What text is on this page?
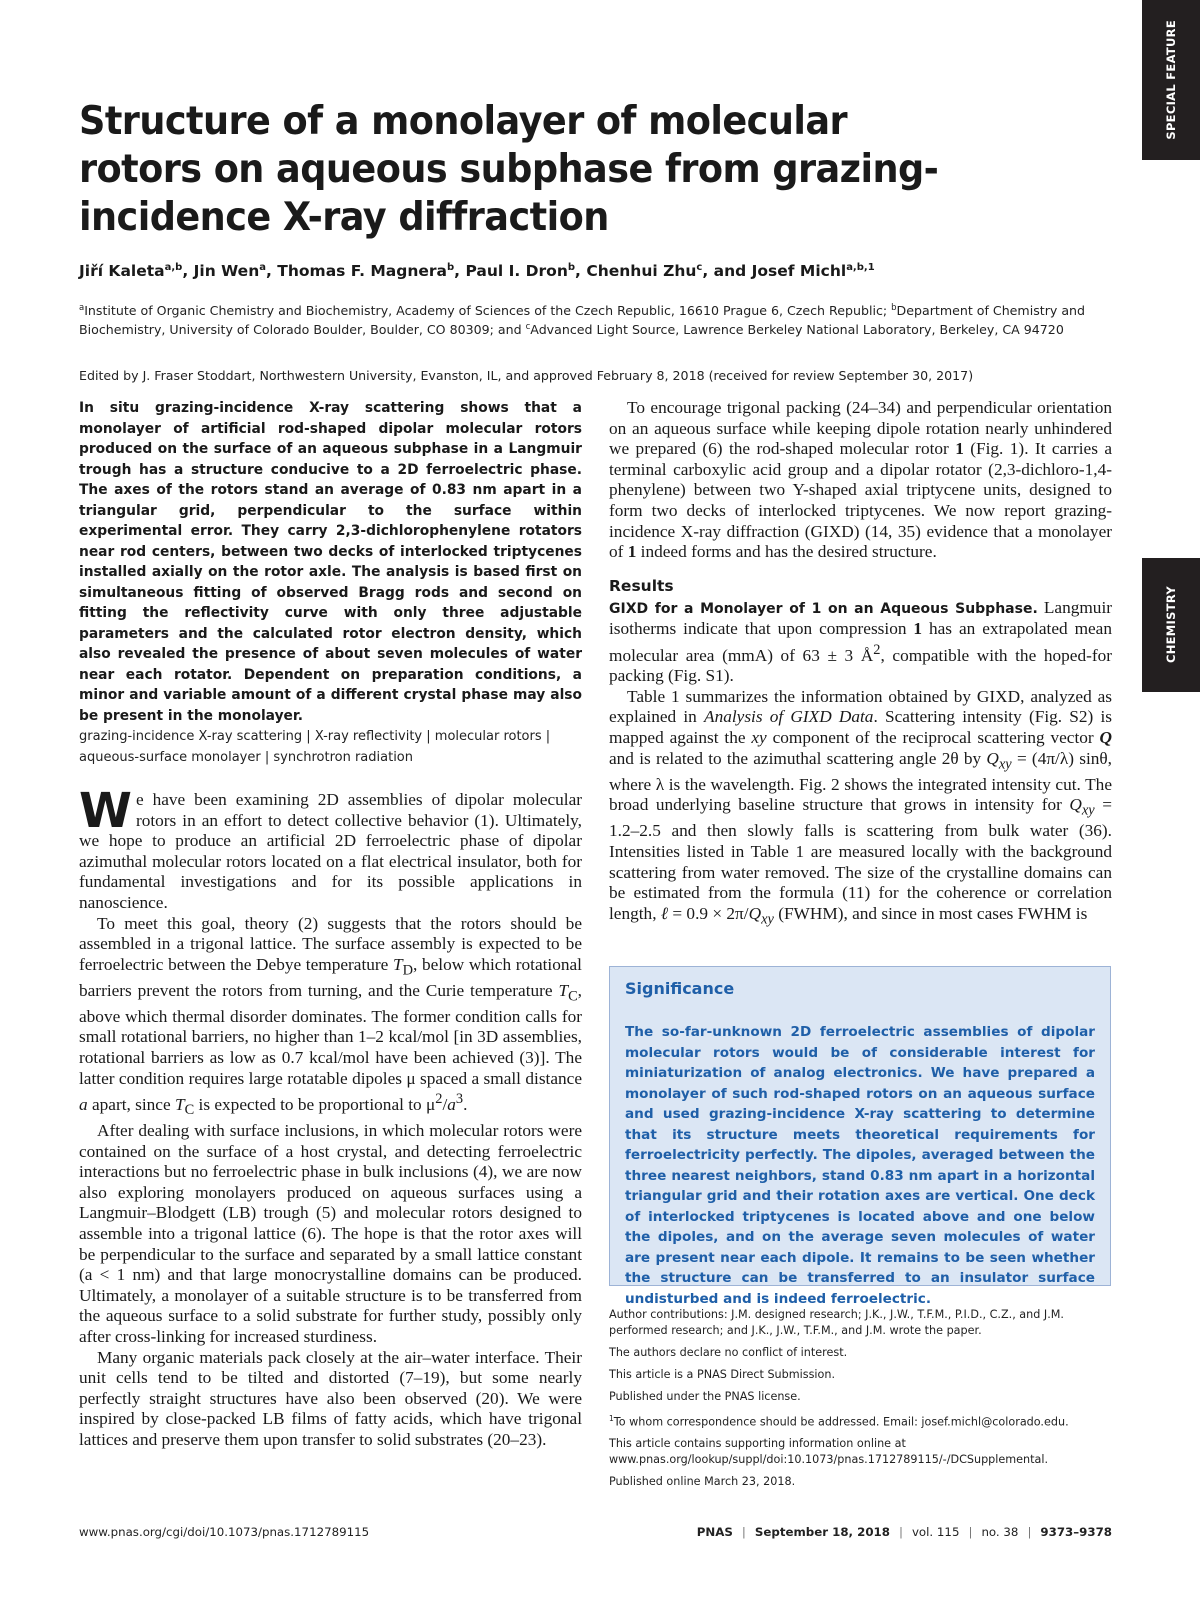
SPECIAL FEATURE
CHEMISTRY
Structure of a monolayer of molecular rotors on aqueous subphase from grazing-incidence X-ray diffraction
Jiří Kaleta$^{a,b}$, Jin Wen$^a$, Thomas F. Magnera$^b$, Paul I. Dron$^b$, Chenhui Zhu$^c$, and Josef Michl$^{a,b,1}$
$^a$Institute of Organic Chemistry and Biochemistry, Academy of Sciences of the Czech Republic, 16610 Prague 6, Czech Republic; $^b$Department of Chemistry and Biochemistry, University of Colorado Boulder, Boulder, CO 80309; and $^c$Advanced Light Source, Lawrence Berkeley National Laboratory, Berkeley, CA 94720
Edited by J. Fraser Stoddart, Northwestern University, Evanston, IL, and approved February 8, 2018 (received for review September 30, 2017)

In situ grazing-incidence X-ray scattering shows that a monolayer of artificial rod-shaped dipolar molecular rotors produced on the surface of an aqueous subphase in a Langmuir trough has a structure conducive to a 2D ferroelectric phase. The axes of the rotors stand an average of 0.83 nm apart in a triangular grid, perpendicular to the surface within experimental error. They carry 2,3-dichlorophenylene rotators near rod centers, between two decks of interlocked triptycenes installed axially on the rotor axle. The analysis is based first on simultaneous fitting of observed Bragg rods and second on fitting the reflectivity curve with only three adjustable parameters and the calculated rotor electron density, which also revealed the presence of about seven molecules of water near each rotator. Dependent on preparation conditions, a minor and variable amount of a different crystal phase may also be present in the monolayer.

grazing-incidence X-ray scattering | X-ray reflectivity | molecular rotors | aqueous-surface monolayer | synchrotron radiation

We have been examining 2D assemblies of dipolar molecular rotors in an effort to detect collective behavior (1). Ultimately, we hope to produce an artificial 2D ferroelectric phase of dipolar azimuthal molecular rotors located on a flat electrical insulator, both for fundamental investigations and for its possible applications in nanoscience.

To meet this goal, theory (2) suggests that the rotors should be assembled in a trigonal lattice. The surface assembly is expected to be ferroelectric between the Debye temperature $T_D$, below which rotational barriers prevent the rotors from turning, and the Curie temperature $T_C$, above which thermal disorder dominates. The former condition calls for small rotational barriers, no higher than 1–2 kcal/mol [in 3D assemblies, rotational barriers as low as 0.7 kcal/mol have been achieved (3)]. The latter condition requires large rotatable dipoles μ spaced a small distance a apart, since $T_C$ is expected to be proportional to $\mu^2/a^3$.

After dealing with surface inclusions, in which molecular rotors were contained on the surface of a host crystal, and detecting ferroelectric interactions but no ferroelectric phase in bulk inclusions (4), we are now also exploring monolayers produced on aqueous surfaces using a Langmuir–Blodgett (LB) trough (5) and molecular rotors designed to assemble into a trigonal lattice (6). The hope is that the rotor axes will be perpendicular to the surface and separated by a small lattice constant (a < 1 nm) and that large monocrystalline domains can be produced. Ultimately, a monolayer of a suitable structure is to be transferred from the aqueous surface to a solid substrate for further study, possibly only after cross-linking for increased sturdiness.

Many organic materials pack closely at the air–water interface. Their unit cells tend to be tilted and distorted (7–19), but some nearly perfectly straight structures have also been observed (20). We were inspired by close-packed LB films of fatty acids, which have trigonal lattices and preserve them upon transfer to solid substrates (20–23).

To encourage trigonal packing (24–34) and perpendicular orientation on an aqueous surface while keeping dipole rotation nearly unhindered we prepared (6) the rod-shaped molecular rotor 1 (Fig. 1). It carries a terminal carboxylic acid group and a dipolar rotator (2,3-dichloro-1,4-phenylene) between two Y-shaped axial triptycene units, designed to form two decks of interlocked triptycenes. We now report grazing-incidence X-ray diffraction (GIXD) (14, 35) evidence that a monolayer of 1 indeed forms and has the desired structure.

Results

GIXD for a Monolayer of 1 on an Aqueous Subphase. Langmuir isotherms indicate that upon compression 1 has an extrapolated mean molecular area (mmA) of 63 ± 3 $Å^2$, compatible with the hoped-for packing (Fig. S1).

Table 1 summarizes the information obtained by GIXD, analyzed as explained in Analysis of GIXD Data. Scattering intensity (Fig. S2) is mapped against the xy component of the reciprocal scattering vector Q and is related to the azimuthal scattering angle 2θ by $Q_{xy} = (4\pi/\lambda)$ sinθ, where λ is the wavelength. Fig. 2 shows the integrated intensity cut. The broad underlying baseline structure that grows in intensity for $Q_{xy} = 1.2-2.5$ and then slowly falls is scattering from bulk water (36). Intensities listed in Table 1 are measured locally with the background scattering from water removed. The size of the crystalline domains can be estimated from the formula (11) for the coherence or correlation length, ℓ = $0.9 \times 2\pi/Q_{xy}$ (FWHM), and since in most cases FWHM is

Significance

The so-far-unknown 2D ferroelectric assemblies of dipolar molecular rotors would be of considerable interest for miniaturization of analog electronics. We have prepared a monolayer of such rod-shaped rotors on an aqueous surface and used grazing-incidence X-ray scattering to determine that its structure meets theoretical requirements for ferroelectricity perfectly. The dipoles, averaged between the three nearest neighbors, stand 0.83 nm apart in a horizontal triangular grid and their rotation axes are vertical. One deck of interlocked triptycenes is located above and one below the dipoles, and on the average seven molecules of water are present near each dipole. It remains to be seen whether the structure can be transferred to an insulator surface undisturbed and is indeed ferroelectric.

Author contributions: J.M. designed research; J.K., J.W., T.F.M., P.I.D., C.Z., and J.M. performed research; and J.K., J.W., T.F.M., and J.M. wrote the paper.

The authors declare no conflict of interest.

This article is a PNAS Direct Submission.

Published under the PNAS license.

$^1$To whom correspondence should be addressed. Email: josef.michl@colorado.edu.

This article contains supporting information online at www.pnas.org/lookup/suppl/doi:10.1073/pnas.1712789115/-/DCSupplemental.

Published online March 23, 2018.

www.pnas.org/cgi/doi/10.1073/pnas.1712789115	PNAS | September 18, 2018 | vol. 115 | no. 38 | 9373–9378
